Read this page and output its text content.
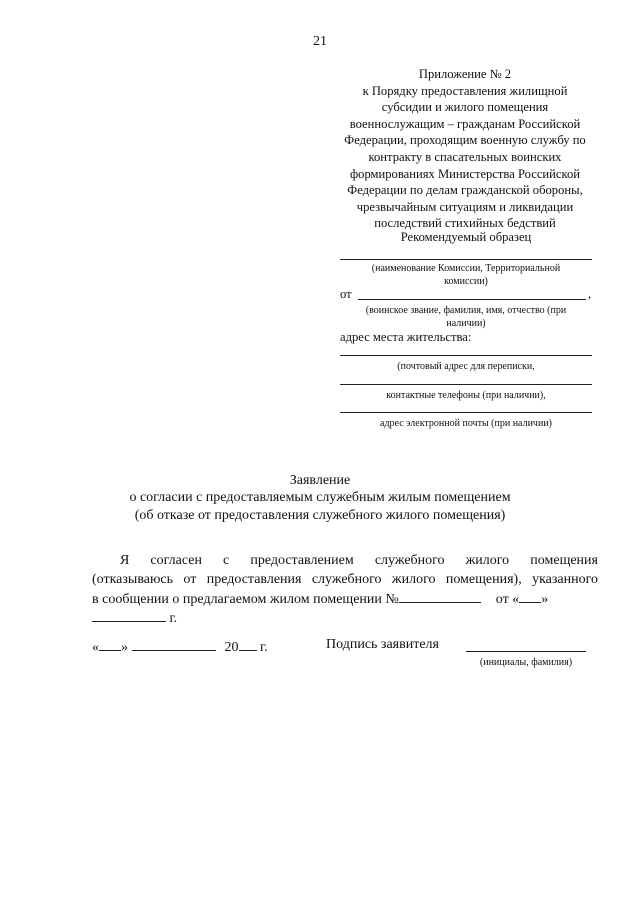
21
Приложение № 2
к Порядку предоставления жилищной
субсидии и жилого помещения
военнослужащим – гражданам Российской
Федерации, проходящим военную службу по
контракту в спасательных воинских
формированиях Министерства Российской
Федерации по делам гражданской обороны,
чрезвычайным ситуациям и ликвидации
последствий стихийных бедствий
Рекомендуемый образец
(наименование Комиссии, Территориальной комиссии)
от	,
(воинское звание, фамилия, имя, отчество (при наличии)
адрес места жительства:
(почтовый адрес для переписки,
контактные телефоны (при наличии),
адрес электронной почты (при наличии)
Заявление
о согласии с предоставляемым служебным жилым помещением
(об отказе от предоставления служебного жилого помещения)
Я согласен с предоставлением служебного жилого помещения
(отказываюсь от предоставления служебного жилого помещения), указанного
в сообщении о предлагаемом жилом помещении №	от « »
г.
« »	20 г.	Подпись заявителя
(инициалы, фамилия)
